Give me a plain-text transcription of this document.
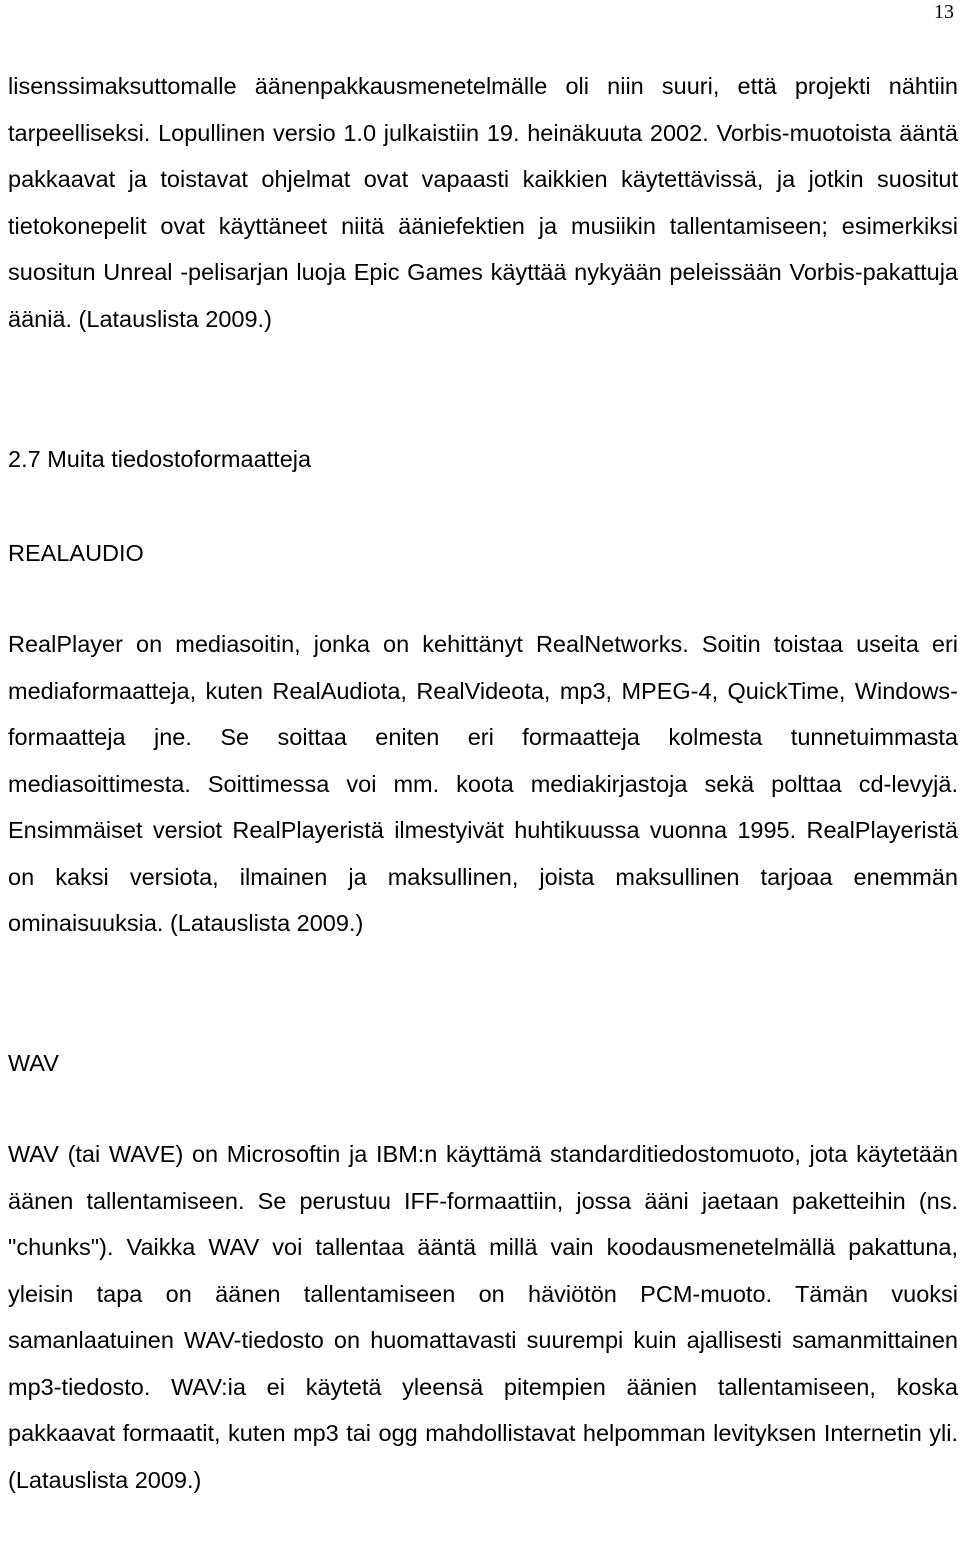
13

lisenssimaksuttomalle äänenpakkausmenetelmälle oli niin suuri, että projekti nähtiin tarpeelliseksi. Lopullinen versio 1.0 julkaistiin 19. heinäkuuta 2002. Vorbis-muotoista ääntä pakkaavat ja toistavat ohjelmat ovat vapaasti kaikkien käytettävissä, ja jotkin suositut tietokonepelit ovat käyttäneet niitä ääniefektien ja musiikin tallentamiseen; esimerkiksi suositun Unreal -pelisarjan luoja Epic Games käyttää nykyään peleissään Vorbis-pakattuja ääniä. (Latauslista 2009.)

2.7 Muita tiedostoformaatteja
REALAUDIO

RealPlayer on mediasoitin, jonka on kehittänyt RealNetworks. Soitin toistaa useita eri mediaformaatteja, kuten RealAudiota, RealVideota, mp3, MPEG-4, QuickTime, Windows-formaatteja jne. Se soittaa eniten eri formaatteja kolmesta tunnetuimmasta mediasoittimesta. Soittimessa voi mm. koota mediakirjastoja sekä polttaa cd-levyjä. Ensimmäiset versiot RealPlayeristä ilmestyivät huhtikuussa vuonna 1995. RealPlayeristä on kaksi versiota, ilmainen ja maksullinen, joista maksullinen tarjoaa enemmän ominaisuuksia. (Latauslista 2009.)

WAV

WAV (tai WAVE) on Microsoftin ja IBM:n käyttämä standarditiedostomuoto, jota käytetään äänen tallentamiseen. Se perustuu IFF-formaattiin, jossa ääni jaetaan paketteihin (ns. "chunks"). Vaikka WAV voi tallentaa ääntä millä vain koodausmenetelmällä pakattuna, yleisin tapa on äänen tallentamiseen on häviötön PCM-muoto. Tämän vuoksi samanlaatuinen WAV-tiedosto on huomattavasti suurempi kuin ajallisesti samanmittainen mp3-tiedosto. WAV:ia ei käytetä yleensä pitempien äänien tallentamiseen, koska pakkaavat formaatit, kuten mp3 tai ogg mahdollistavat helpomman levityksen Internetin yli. (Latauslista 2009.)
